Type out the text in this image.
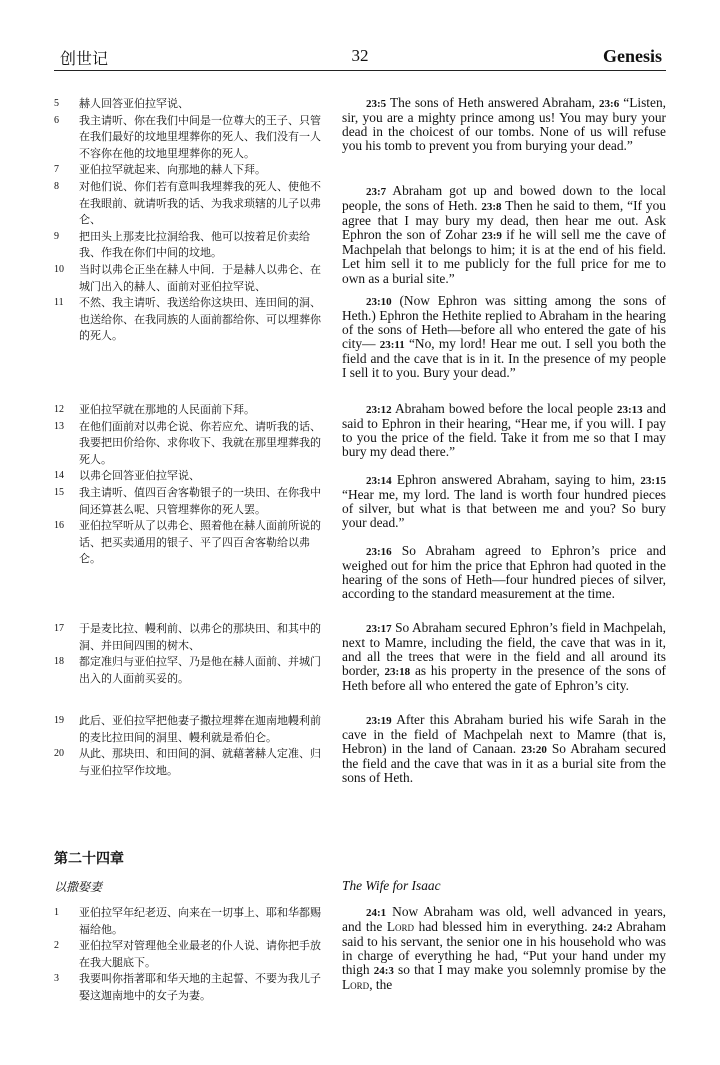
创世记	32	Genesis
5	赫人回答亚伯拉罕说、
6	我主请听、你在我们中间是一位尊大的王子、只管在我们最好的坟地里埋葬你的死人、我们没有一人不容你在他的坟地里埋葬你的死人。
7	亚伯拉罕就起来、向那地的赫人下拜。
8	对他们说、你们若有意叫我埋葬我的死人、使他不在我眼前、就请听我的话、为我求琐辖的儿子以弗仑、
9	把田头上那麦比拉洞给我、他可以按着足价卖给我、作我在你们中间的坟地。
10	当时以弗仑正坐在赫人中间．于是赫人以弗仑、在城门出入的赫人、面前对亚伯拉罕说、
11	不然、我主请听、我送给你这块田、连田间的洞、也送给你、在我同族的人面前都给你、可以埋葬你的死人。
12	亚伯拉罕就在那地的人民面前下拜。
13	在他们面前对以弗仑说、你若应允、请听我的话、我要把田价给你、求你收下、我就在那里埋葬我的死人。
14	以弗仑回答亚伯拉罕说、
15	我主请听、值四百舍客勒银子的一块田、在你我中间还算甚么呢、只管埋葬你的死人罢。
16	亚伯拉罕听从了以弗仑、照着他在赫人面前所说的话、把买卖通用的银子、平了四百舍客勒给以弗仑。
17	于是麦比拉、幔利前、以弗仑的那块田、和其中的洞、并田间四围的树木、
18	都定准归与亚伯拉罕、乃是他在赫人面前、并城门出入的人面前买妥的。
19	此后、亚伯拉罕把他妻子撒拉埋葬在迦南地幔利前的麦比拉田间的洞里、幔利就是希伯仑。
20	从此、那块田、和田间的洞、就藉著赫人定准、归与亚伯拉罕作坟地。
1	亚伯拉罕年纪老迈、向来在一切事上、耶和华都赐福给他。
2	亚伯拉罕对管理他全业最老的仆人说、请你把手放在我大腿底下。
3	我要叫你指著耶和华天地的主起誓、不要为我儿子娶这迦南地中的女子为妻。

23:5 The sons of Heth answered Abraham, 23:6 “Listen, sir, you are a mighty prince among us! You may bury your dead in the choicest of our tombs. None of us will refuse you his tomb to prevent you from burying your dead.”

23:7 Abraham got up and bowed down to the local people, the sons of Heth. 23:8 Then he said to them, “If you agree that I may bury my dead, then hear me out. Ask Ephron the son of Zohar 23:9 if he will sell me the cave of Machpelah that belongs to him; it is at the end of his field. Let him sell it to me publicly for the full price for me to own as a burial site.”

23:10 (Now Ephron was sitting among the sons of Heth.) Ephron the Hethite replied to Abraham in the hearing of the sons of Heth—before all who entered the gate of his city— 23:11 “No, my lord! Hear me out. I sell you both the field and the cave that is in it. In the presence of my people I sell it to you. Bury your dead.”

23:12 Abraham bowed before the local people 23:13 and said to Ephron in their hearing, “Hear me, if you will. I pay to you the price of the field. Take it from me so that I may bury my dead there.”

23:14 Ephron answered Abraham, saying to him, 23:15 “Hear me, my lord. The land is worth four hundred pieces of silver, but what is that between me and you? So bury your dead.”

23:16 So Abraham agreed to Ephron’s price and weighed out for him the price that Ephron had quoted in the hearing of the sons of Heth—four hundred pieces of silver, according to the standard measurement at the time.

23:17 So Abraham secured Ephron’s field in Machpelah, next to Mamre, including the field, the cave that was in it, and all the trees that were in the field and all around its border, 23:18 as his property in the presence of the sons of Heth before all who entered the gate of Ephron’s city.

23:19 After this Abraham buried his wife Sarah in the cave in the field of Machpelah next to Mamre (that is, Hebron) in the land of Canaan. 23:20 So Abraham secured the field and the cave that was in it as a burial site from the sons of Heth.

24:1 Now Abraham was old, well advanced in years, and the Lord had blessed him in everything. 24:2 Abraham said to his servant, the senior one in his household who was in charge of everything he had, “Put your hand under my thigh 24:3 so that I may make you solemnly promise by the Lord, the

第二十四章
以撒娶妻	The Wife for Isaac
